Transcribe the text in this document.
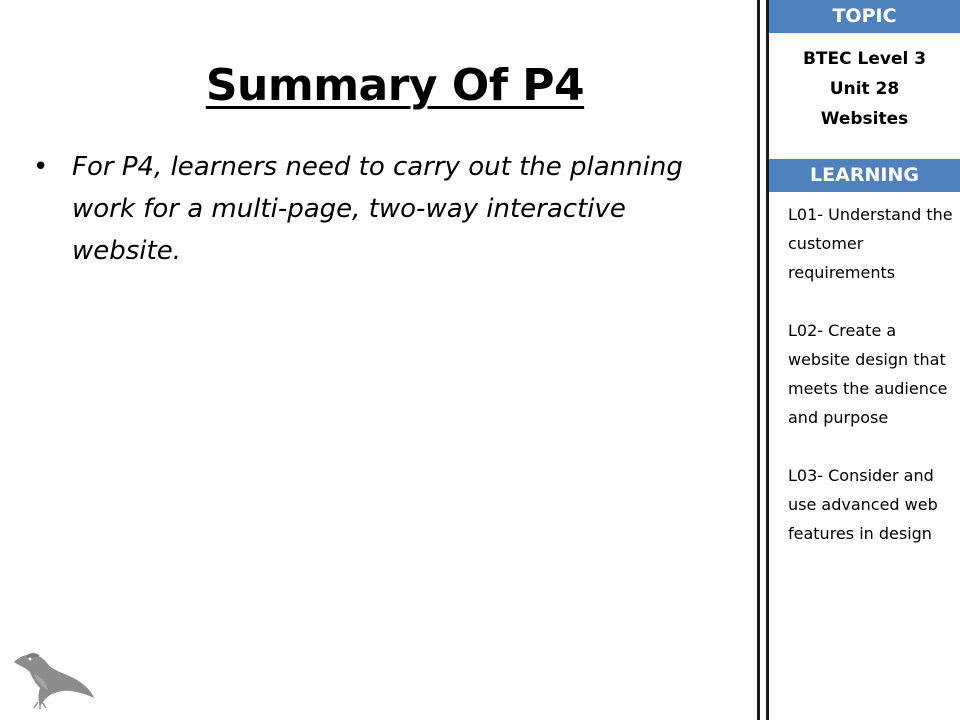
Summary Of P4
• For P4, learners need to carry out the planning work for a multi-page, two-way interactive website.
TOPIC
BTEC Level 3
Unit 28
Websites
LEARNING
L01- Understand the customer requirements
L02- Create a website design that meets the audience and purpose
L03- Consider and use advanced web features in design
